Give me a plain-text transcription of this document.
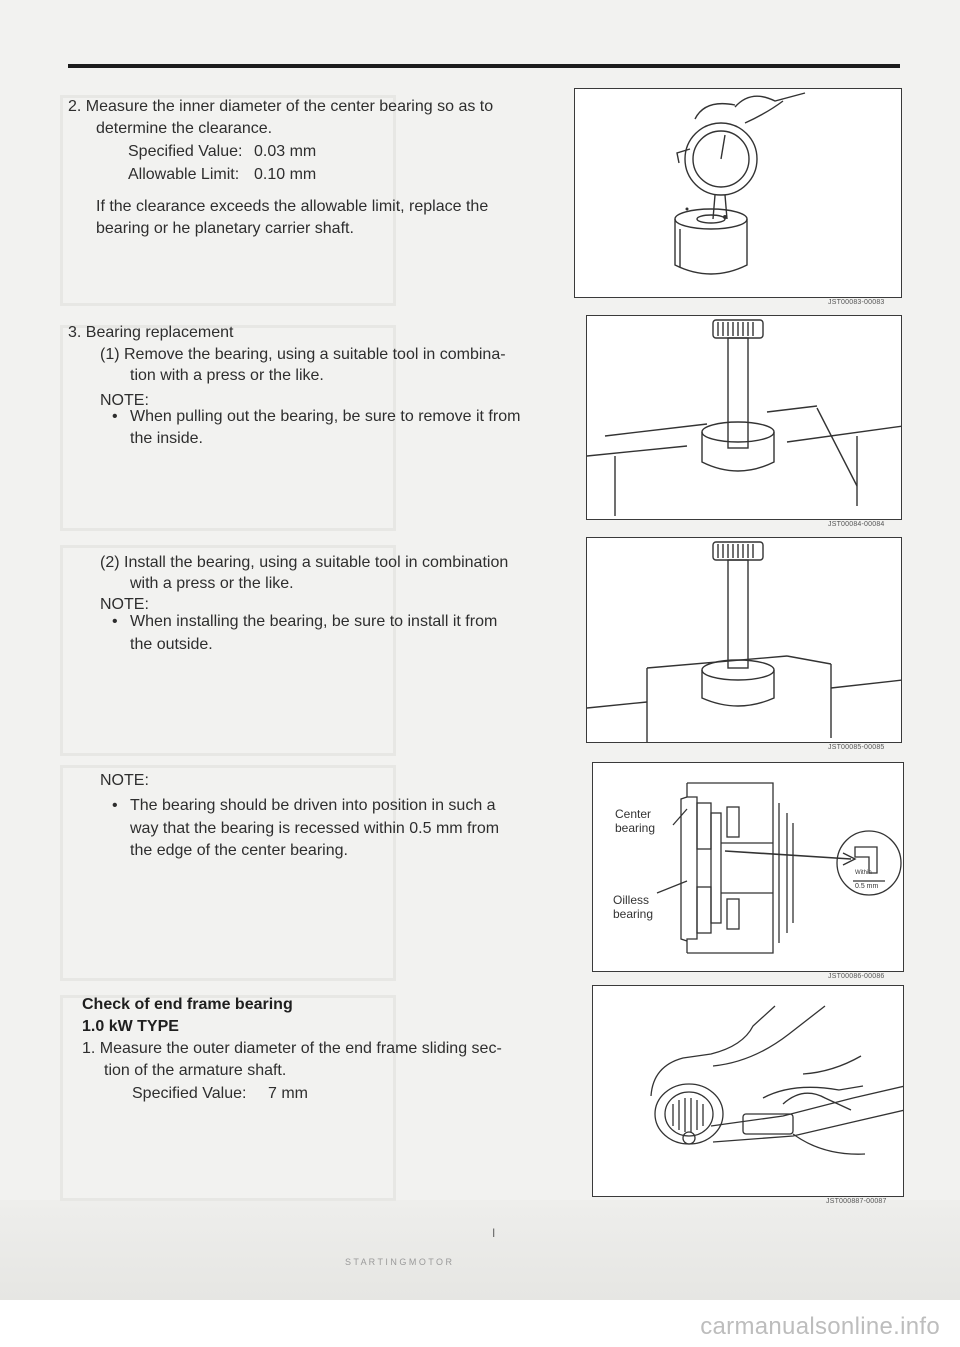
2. Measure the inner diameter of the center bearing so as to
determine the clearance.
Specified Value: 0.03 mm
Allowable Limit: 0.10 mm
If the clearance exceeds the allowable limit, replace the
bearing or he planetary carrier shaft.
3. Bearing replacement
(1) Remove the bearing, using a suitable tool in combina-
tion with a press or the like.
NOTE:
• When pulling out the bearing, be sure to remove it from
the inside.
(2) Install the bearing, using a suitable tool in combination
with a press or the like.
NOTE:
• When installing the bearing, be sure to install it from
the outside.
NOTE:
• The bearing should be driven into position in such a
way that the bearing is recessed within 0.5 mm from
the edge of the center bearing.
Check of end frame bearing
1.0 kW TYPE
1. Measure the outer diameter of the end frame sliding sec-
tion of the armature shaft.
Specified Value: 7 mm
JST00083-00083
JST00084-00084
JST00085-00085
Center
bearing
Oilless
bearing
Within
0.5 mm
JST00086-00086
JST000887-00087
I
S T A R T I N G M O T O R
carmanualsonline.info
